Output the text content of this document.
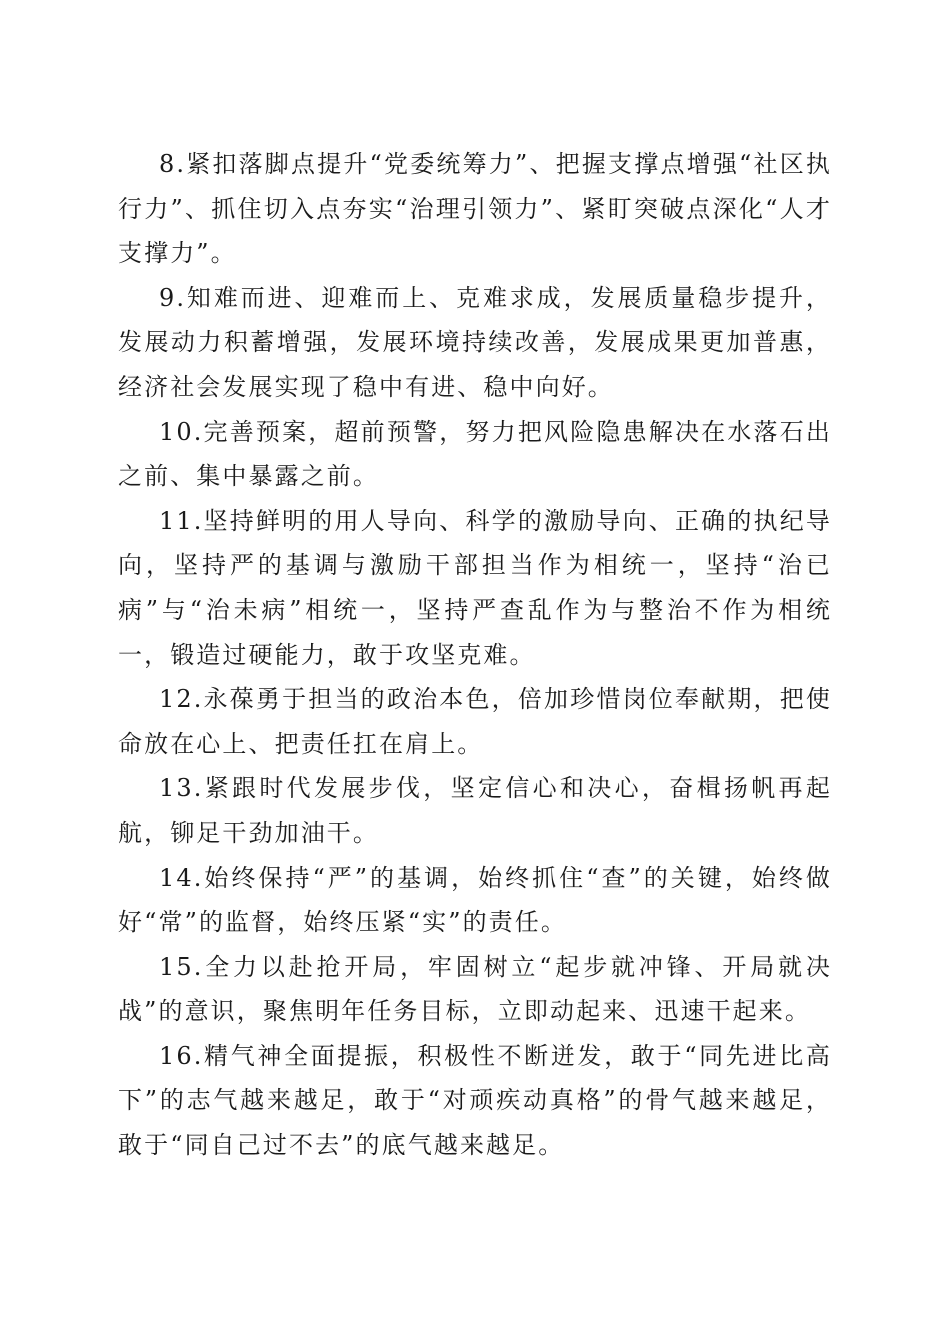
8.紧扣落脚点提升“党委统筹力”、把握支撑点增强“社区执行力”、抓住切入点夯实“治理引领力”、紧盯突破点深化“人才支撑力”。

9.知难而进、迎难而上、克难求成，发展质量稳步提升，发展动力积蓄增强，发展环境持续改善，发展成果更加普惠，经济社会发展实现了稳中有进、稳中向好。

10.完善预案，超前预警，努力把风险隐患解决在水落石出之前、集中暴露之前。

11.坚持鲜明的用人导向、科学的激励导向、正确的执纪导向，坚持严的基调与激励干部担当作为相统一，坚持“治已病”与“治未病”相统一，坚持严查乱作为与整治不作为相统一，锻造过硬能力，敢于攻坚克难。

12.永葆勇于担当的政治本色，倍加珍惜岗位奉献期，把使命放在心上、把责任扛在肩上。

13.紧跟时代发展步伐，坚定信心和决心，奋楫扬帆再起航，铆足干劲加油干。

14.始终保持“严”的基调，始终抓住“查”的关键，始终做好“常”的监督，始终压紧“实”的责任。

15.全力以赴抢开局，牢固树立“起步就冲锋、开局就决战”的意识，聚焦明年任务目标，立即动起来、迅速干起来。

16.精气神全面提振，积极性不断迸发，敢于“同先进比高下”的志气越来越足，敢于“对顽疾动真格”的骨气越来越足，敢于“同自己过不去”的底气越来越足。
